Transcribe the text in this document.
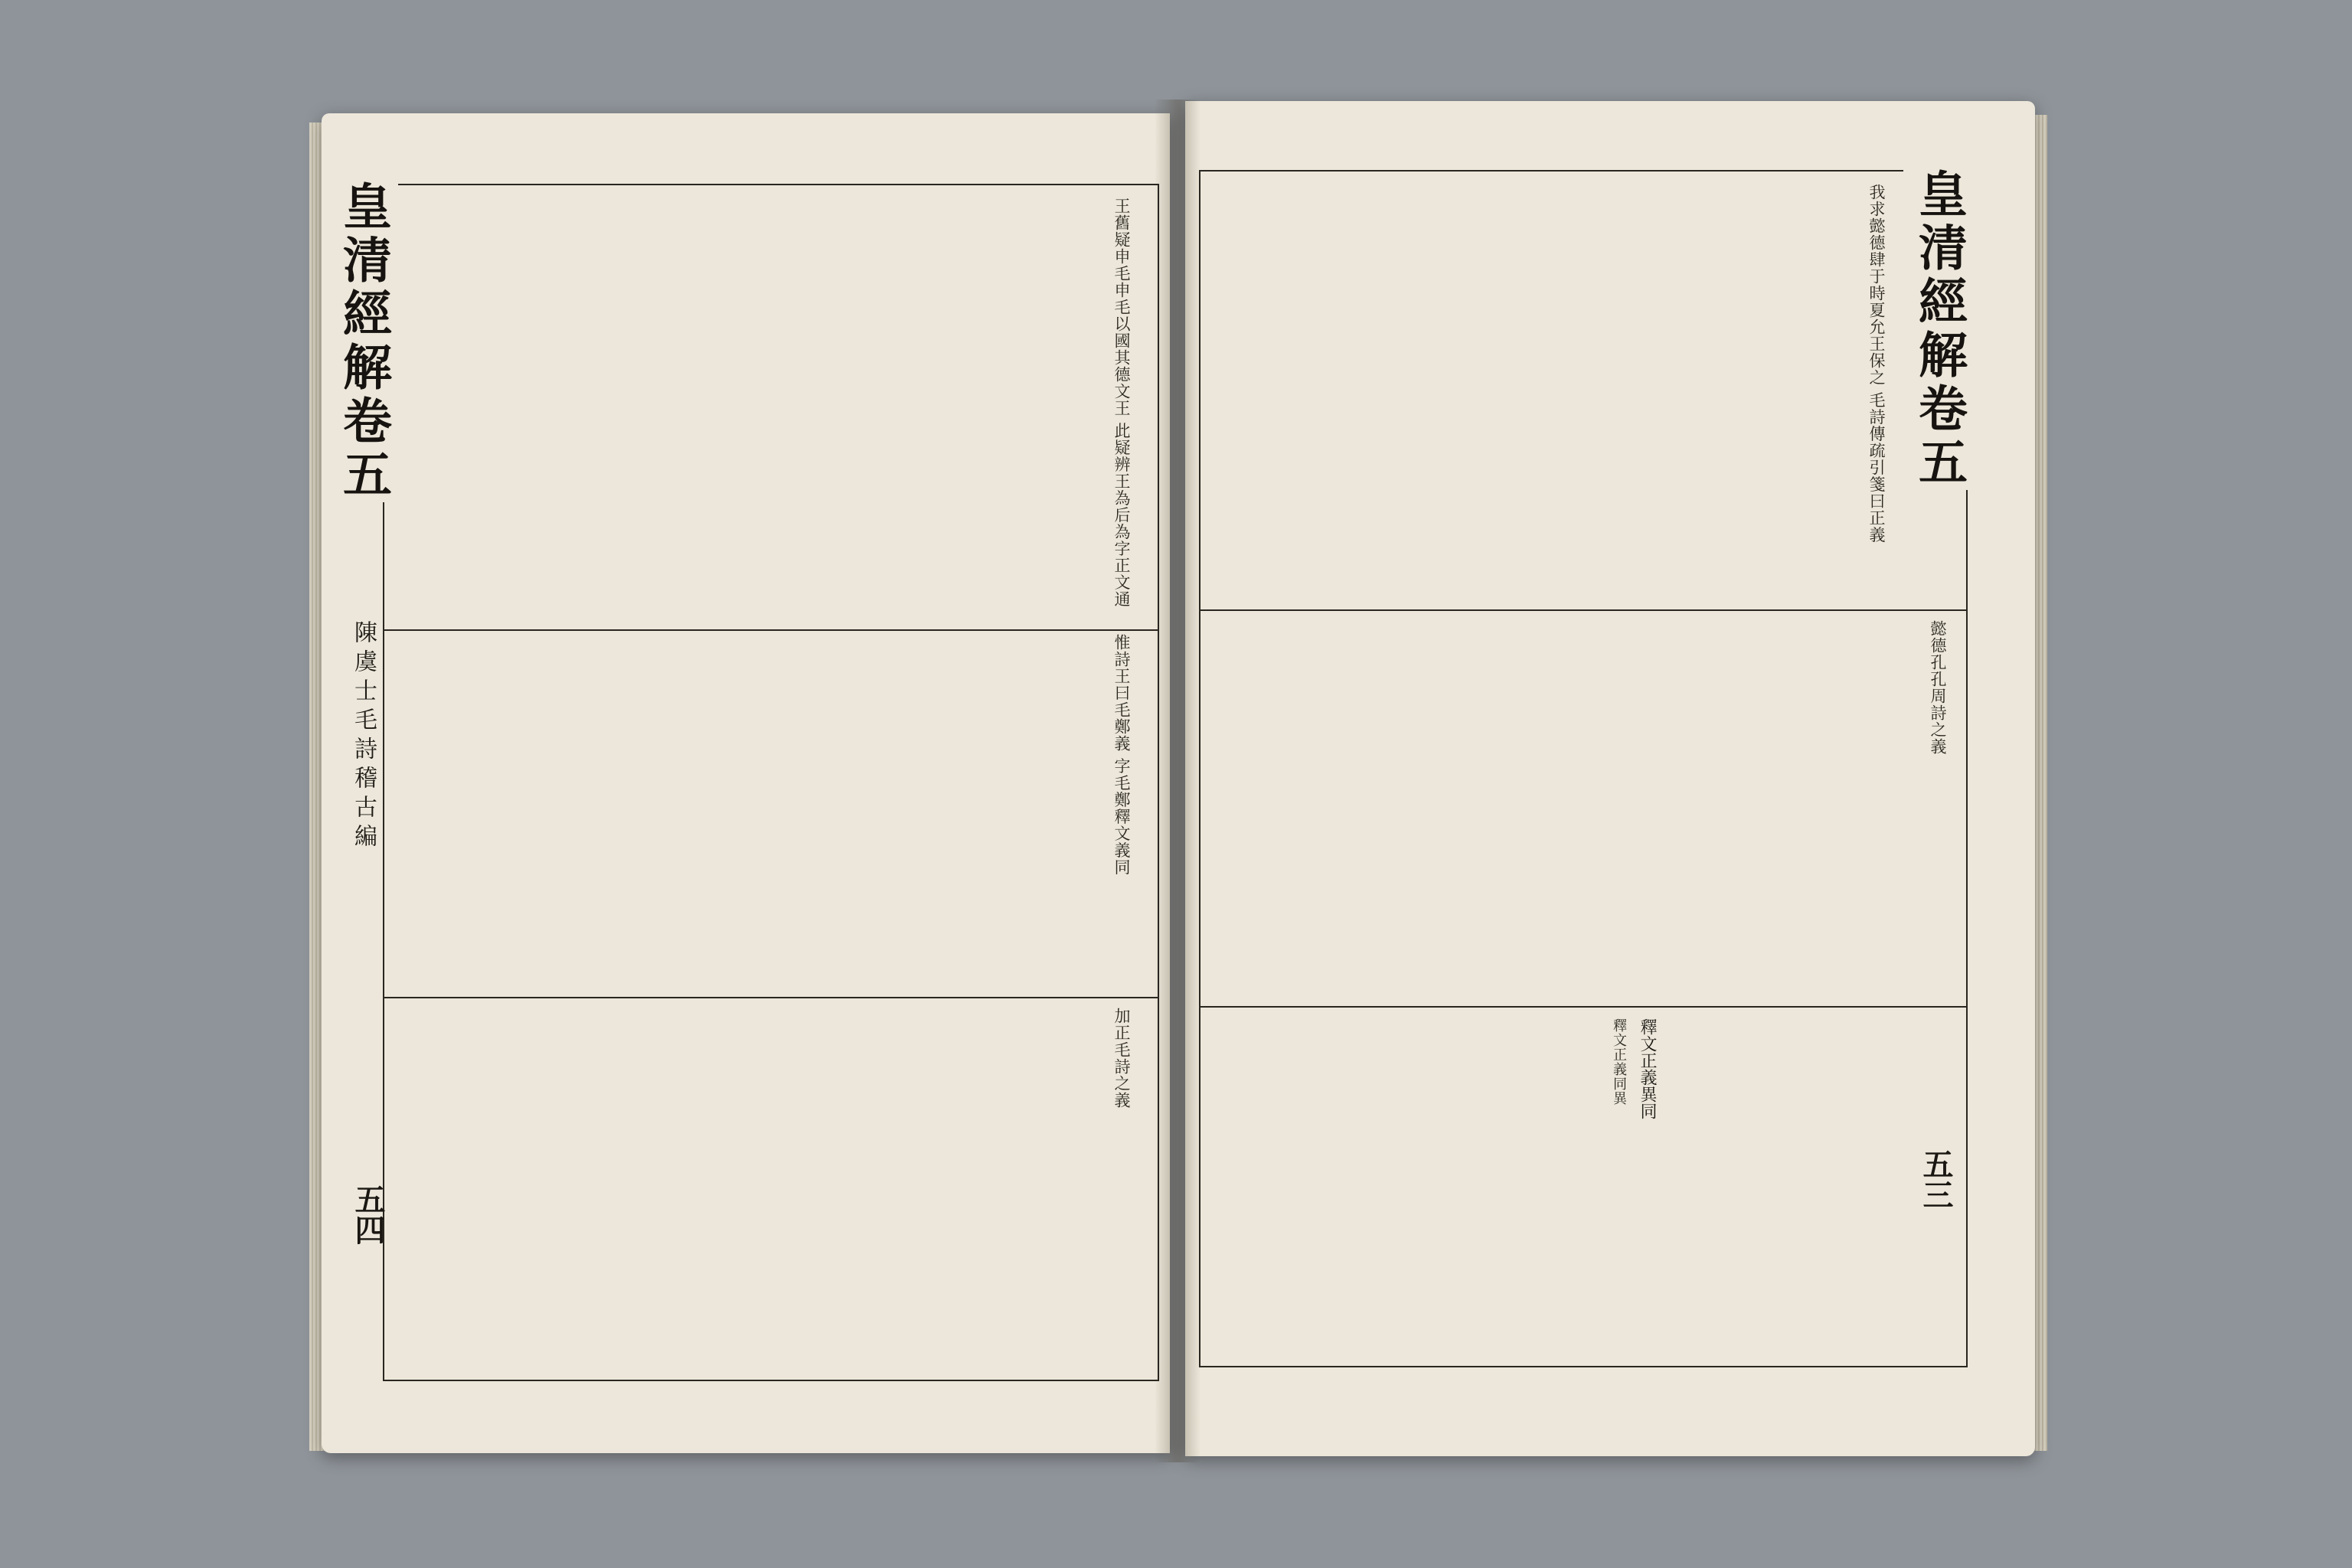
皇清經解卷五
陳虞士毛詩稽古編
五四
王舊疑申毛申毛以國其德文王 此疑辨王為后為字正文通
惟詩王曰毛鄭義 字毛鄭釋文義同
加正毛詩之義
皇清經解卷五
五三
我求懿德肆于時夏允王保之 毛詩傳疏引箋曰正義
懿德孔孔周詩之義
釋文正義異同
釋文正義同異
